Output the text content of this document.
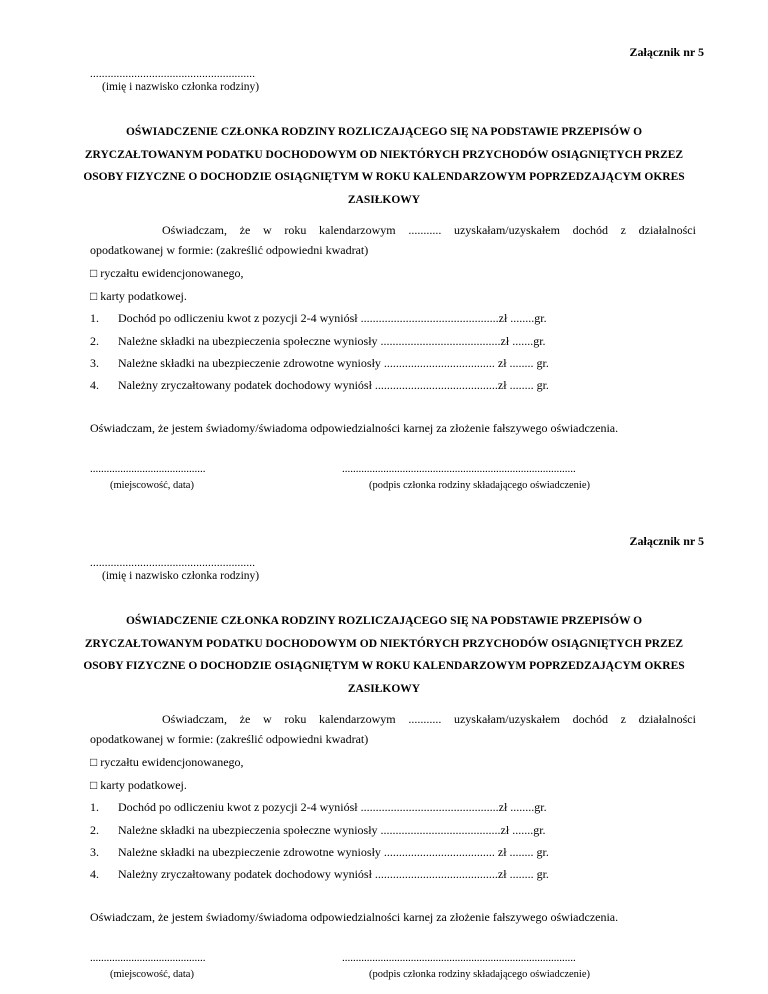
Załącznik nr 5
........................................................
(imię i nazwisko członka rodziny)
OŚWIADCZENIE CZŁONKA RODZINY ROZLICZAJĄCEGO SIĘ NA PODSTAWIE PRZEPISÓW O ZRYCZAŁTOWANYM PODATKU DOCHODOWYM OD NIEKTÓRYCH PRZYCHODÓW OSIĄGNIĘTYCH PRZEZ OSOBY FIZYCZNE O DOCHODZIE OSIĄGNIĘTYM W ROKU KALENDARZOWYM POPRZEDZAJĄCYM OKRES ZASIŁKOWY
Oświadczam, że w roku kalendarzowym ........... uzyskałam/uzyskałem dochód z działalności
opodatkowanej w formie: (zakreślić odpowiedni kwadrat)
□ ryczałtu ewidencjonowanego,
□ karty podatkowej.
1. Dochód po odliczeniu kwot z pozycji 2-4 wyniósł ..............................................zł ........gr.
2. Należne składki na ubezpieczenia społeczne wyniosły ........................................zł .......gr.
3. Należne składki na ubezpieczenie zdrowotne wyniosły ..................................... zł ........ gr.
4. Należny zryczałtowany podatek dochodowy wyniósł .........................................zł ........ gr.
Oświadczam, że jestem świadomy/świadoma odpowiedzialności karnej za złożenie fałszywego oświadczenia.
..........................................	.....................................................................................
(miejscowość, data)	(podpis członka rodziny składającego oświadczenie)
Załącznik nr 5
........................................................
(imię i nazwisko członka rodziny)
OŚWIADCZENIE CZŁONKA RODZINY ROZLICZAJĄCEGO SIĘ NA PODSTAWIE PRZEPISÓW O ZRYCZAŁTOWANYM PODATKU DOCHODOWYM OD NIEKTÓRYCH PRZYCHODÓW OSIĄGNIĘTYCH PRZEZ OSOBY FIZYCZNE O DOCHODZIE OSIĄGNIĘTYM W ROKU KALENDARZOWYM POPRZEDZAJĄCYM OKRES ZASIŁKOWY
Oświadczam, że w roku kalendarzowym ........... uzyskałam/uzyskałem dochód z działalności
opodatkowanej w formie: (zakreślić odpowiedni kwadrat)
□ ryczałtu ewidencjonowanego,
□ karty podatkowej.
1. Dochód po odliczeniu kwot z pozycji 2-4 wyniósł ..............................................zł ........gr.
2. Należne składki na ubezpieczenia społeczne wyniosły ........................................zł .......gr.
3. Należne składki na ubezpieczenie zdrowotne wyniosły ..................................... zł ........ gr.
4. Należny zryczałtowany podatek dochodowy wyniósł .........................................zł ........ gr.
Oświadczam, że jestem świadomy/świadoma odpowiedzialności karnej za złożenie fałszywego oświadczenia.
..........................................	.....................................................................................
(miejscowość, data)	(podpis członka rodziny składającego oświadczenie)
